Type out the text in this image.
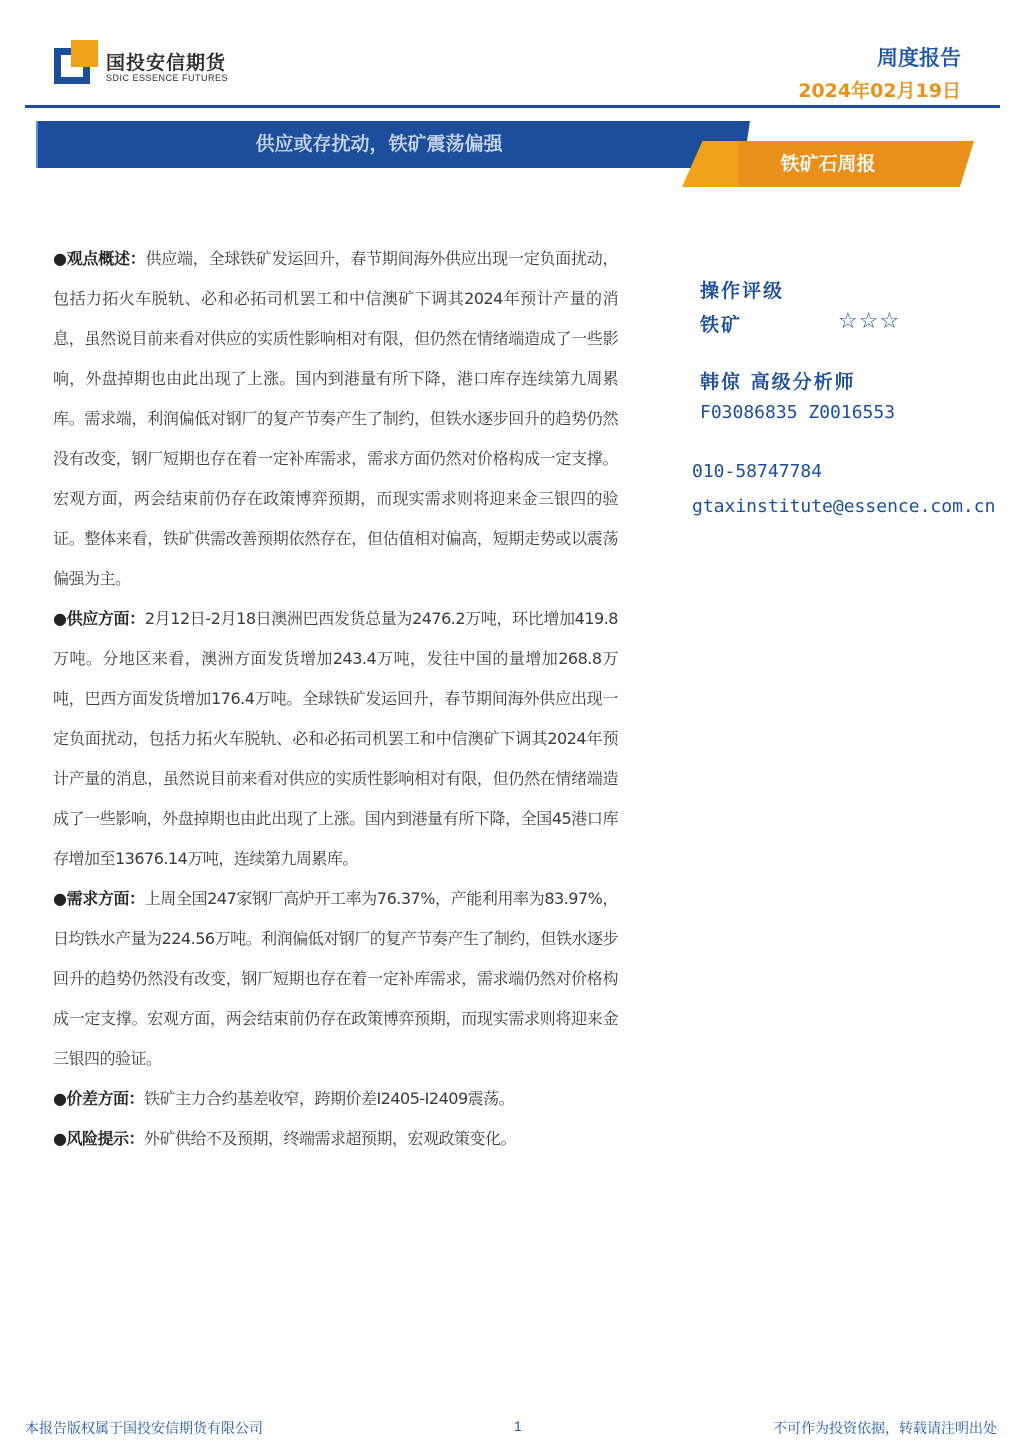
国投安信期货
SDIC ESSENCE FUTURES
周度报告
2024年02月19日
供应或存扰动，铁矿震荡偏强
铁矿石周报

●观点概述：供应端，全球铁矿发运回升，春节期间海外供应出现一定负面扰动，包括力拓火车脱轨、必和必拓司机罢工和中信澳矿下调其2024年预计产量的消息，虽然说目前来看对供应的实质性影响相对有限，但仍然在情绪端造成了一些影响，外盘掉期也由此出现了上涨。国内到港量有所下降，港口库存连续第九周累库。需求端，利润偏低对钢厂的复产节奏产生了制约，但铁水逐步回升的趋势仍然没有改变，钢厂短期也存在着一定补库需求，需求方面仍然对价格构成一定支撑。宏观方面，两会结束前仍存在政策博弈预期，而现实需求则将迎来金三银四的验证。整体来看，铁矿供需改善预期依然存在，但估值相对偏高，短期走势或以震荡偏强为主。

●供应方面：2月12日-2月18日澳洲巴西发货总量为2476.2万吨，环比增加419.8万吨。分地区来看，澳洲方面发货增加243.4万吨，发往中国的量增加268.8万吨，巴西方面发货增加176.4万吨。全球铁矿发运回升，春节期间海外供应出现一定负面扰动，包括力拓火车脱轨、必和必拓司机罢工和中信澳矿下调其2024年预计产量的消息，虽然说目前来看对供应的实质性影响相对有限，但仍然在情绪端造成了一些影响，外盘掉期也由此出现了上涨。国内到港量有所下降，全国45港口库存增加至13676.14万吨，连续第九周累库。

●需求方面：上周全国247家钢厂高炉开工率为76.37%，产能利用率为83.97%，日均铁水产量为224.56万吨。利润偏低对钢厂的复产节奏产生了制约，但铁水逐步回升的趋势仍然没有改变，钢厂短期也存在着一定补库需求，需求端仍然对价格构成一定支撑。宏观方面，两会结束前仍存在政策博弈预期，而现实需求则将迎来金三银四的验证。

●价差方面：铁矿主力合约基差收窄，跨期价差I2405-I2409震荡。

●风险提示：外矿供给不及预期，终端需求超预期，宏观政策变化。

操作评级
铁矿	☆☆☆
韩倞 高级分析师
F03086835 Z0016553
010-58747784
gtaxinstitute@essence.com.cn
本报告版权属于国投安信期货有限公司	1	不可作为投资依据，转载请注明出处
